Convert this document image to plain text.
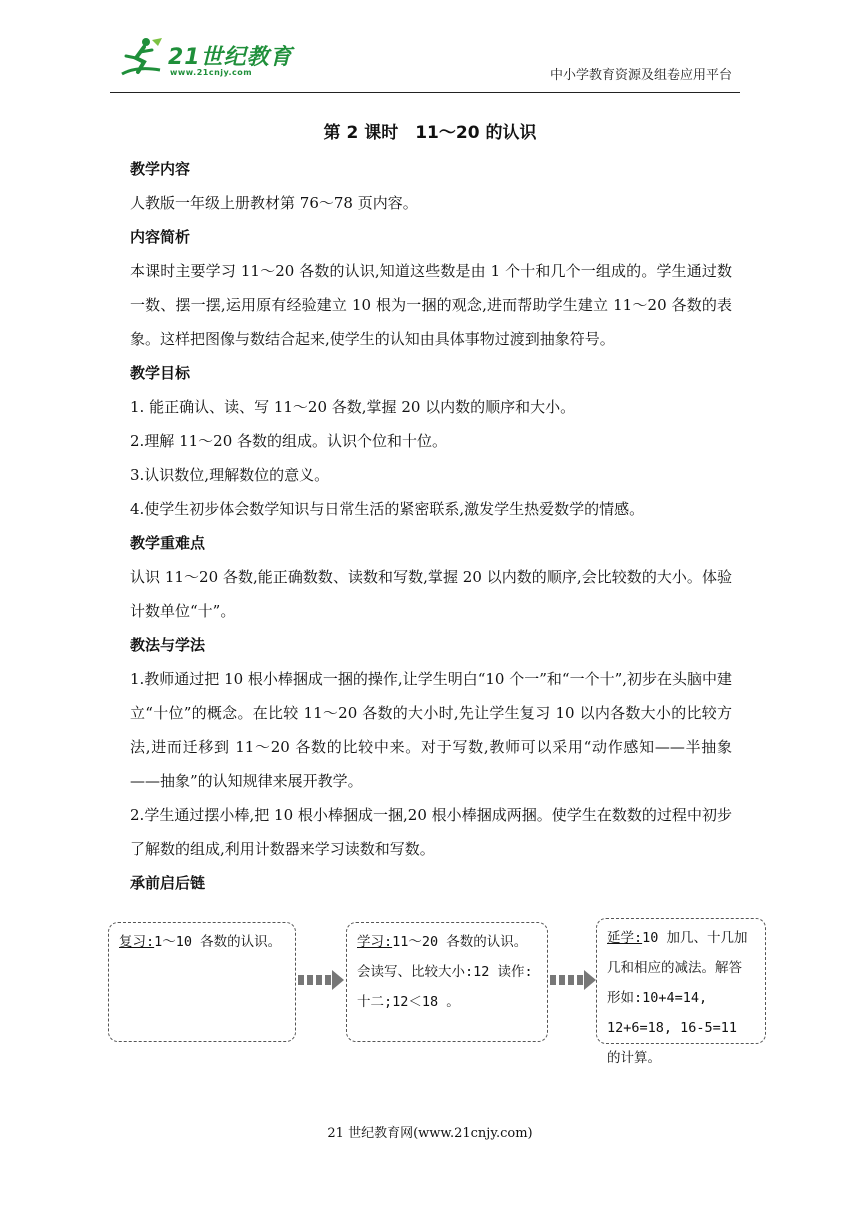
21世纪教育
www.21cnjy.com	中小学教育资源及组卷应用平台
第 2 课时　11～20 的认识
教学内容
人教版一年级上册教材第 76～78 页内容。
内容简析
本课时主要学习 11～20 各数的认识,知道这些数是由 1 个十和几个一组成的。学生通过数一数、摆一摆,运用原有经验建立 10 根为一捆的观念,进而帮助学生建立 11～20 各数的表象。这样把图像与数结合起来,使学生的认知由具体事物过渡到抽象符号。
教学目标
1. 能正确认、读、写 11～20 各数,掌握 20 以内数的顺序和大小。
2.理解 11～20 各数的组成。认识个位和十位。
3.认识数位,理解数位的意义。
4.使学生初步体会数学知识与日常生活的紧密联系,激发学生热爱数学的情感。
教学重难点
认识 11～20 各数,能正确数数、读数和写数,掌握 20 以内数的顺序,会比较数的大小。体验计数单位“十”。
教法与学法
1.教师通过把 10 根小棒捆成一捆的操作,让学生明白“10 个一”和“一个十”,初步在头脑中建立“十位”的概念。在比较 11～20 各数的大小时,先让学生复习 10 以内各数大小的比较方法,进而迁移到 11～20 各数的比较中来。对于写数,教师可以采用“动作感知——半抽象——抽象”的认知规律来展开教学。
2.学生通过摆小棒,把 10 根小棒捆成一捆,20 根小棒捆成两捆。使学生在数数的过程中初步了解数的组成,利用计数器来学习读数和写数。
承前启后链
复习:1～10 各数的认识。	学习:11～20 各数的认识。会读写、比较大小:12 读作:十二;12＜18 。
延学:10 加几、十几加几和相应的减法。解答形如:10+4=14, 12+6=18, 16-5=11 的计算。
21 世纪教育网(www.21cnjy.com)
